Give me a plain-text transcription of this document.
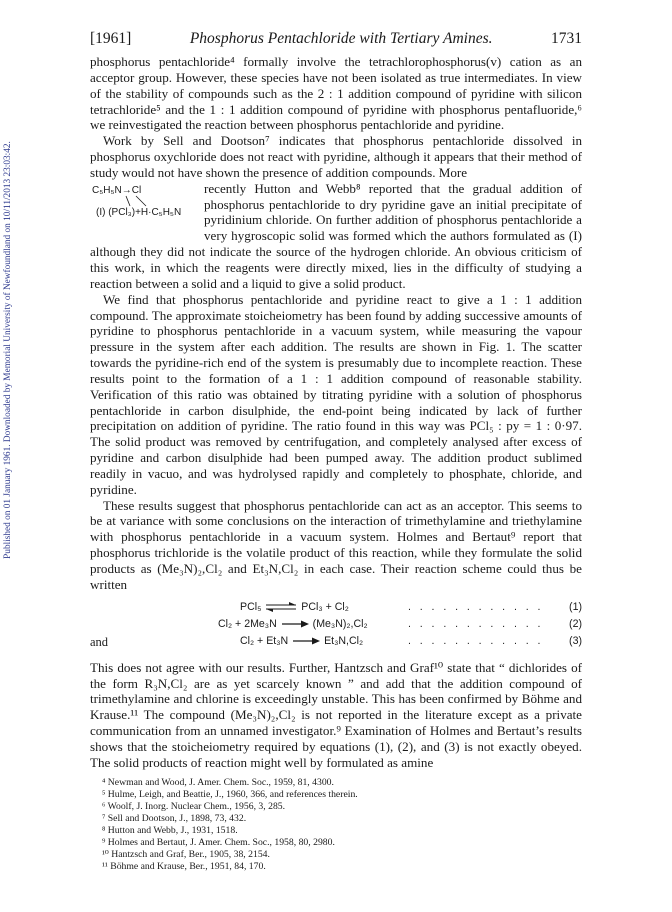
Published on 01 January 1961. Downloaded by Memorial University of Newfoundland on 10/11/2013 23:03:42.
[1961]	Phosphorus Pentachloride with Tertiary Amines.	1731

phosphorus pentachloride⁴ formally involve the tetrachlorophosphorus(v) cation as an acceptor group. However, these species have not been isolated as true intermediates. In view of the stability of compounds such as the 2 : 1 addition compound of pyridine with silicon tetrachloride⁵ and the 1 : 1 addition compound of pyridine with phosphorus pentafluoride,⁶ we reinvestigated the reaction between phosphorus pentachloride and pyridine.

Work by Sell and Dootson⁷ indicates that phosphorus pentachloride dissolved in phosphorus oxychloride does not react with pyridine, although it appears that their method of study would not have shown the presence of addition compounds. More

C₅H₅N→Cl
(I) (PCl₃)+H·C₅H₅N

recently Hutton and Webb⁸ reported that the gradual addition of phosphorus pentachloride to dry pyridine gave an initial precipitate of pyridinium chloride. On further addition of phosphorus pentachloride a very hygroscopic solid was formed which the authors formulated as (I) although they did not indicate the source of the hydrogen chloride. An obvious criticism of this work, in which the reagents were directly mixed, lies in the difficulty of studying a reaction between a solid and a liquid to give a solid product.

We find that phosphorus pentachloride and pyridine react to give a 1 : 1 addition compound. The approximate stoicheiometry has been found by adding successive amounts of pyridine to phosphorus pentachloride in a vacuum system, while measuring the vapour pressure in the system after each addition. The results are shown in Fig. 1. The scatter towards the pyridine-rich end of the system is presumably due to incomplete reaction. These results point to the formation of a 1 : 1 addition compound of reasonable stability. Verification of this ratio was obtained by titrating pyridine with a solution of phosphorus pentachloride in carbon disulphide, the end-point being indicated by lack of further precipitation on addition of pyridine. The ratio found in this way was PCl₅ : py = 1 : 0·97. The solid product was removed by centrifugation, and completely analysed after excess of pyridine and carbon disulphide had been pumped away. The addition product sublimed readily in vacuo, and was hydrolysed rapidly and completely to phosphate, chloride, and pyridine.

These results suggest that phosphorus pentachloride can act as an acceptor. This seems to be at variance with some conclusions on the interaction of trimethylamine and triethylamine with phosphorus pentachloride in a vacuum system. Holmes and Bertaut⁹ report that phosphorus trichloride is the volatile product of this reaction, while they formulate the solid products as (Me₃N)₂,Cl₂ and Et₃N,Cl₂ in each case. Their reaction scheme could thus be written

PCl₅ ⇌ PCl₃ + Cl₂	.   .   .   .   .   .   .   .   .   .   .   .	(1)
Cl₂ + 2Me₃N → (Me₃N)₂,Cl₂	.   .   .   .   .   .   .   .   .   .   .   .	(2)
and	Cl₂ + Et₃N → Et₃N,Cl₂	.   .   .   .   .   .   .   .   .   .   .   .	(3)

This does not agree with our results. Further, Hantzsch and Graf¹⁰ state that “ dichlorides of the form R₃N,Cl₂ are as yet scarcely known ” and add that the addition compound of trimethylamine and chlorine is exceedingly unstable. This has been confirmed by Böhme and Krause.¹¹ The compound (Me₃N)₂,Cl₂ is not reported in the literature except as a private communication from an unnamed investigator.⁹ Examination of Holmes and Bertaut’s results shows that the stoicheiometry required by equations (1), (2), and (3) is not exactly obeyed. The solid products of reaction might well by formulated as amine

⁴ Newman and Wood, J. Amer. Chem. Soc., 1959, 81, 4300.
⁵ Hulme, Leigh, and Beattie, J., 1960, 366, and references therein.
⁶ Woolf, J. Inorg. Nuclear Chem., 1956, 3, 285.
⁷ Sell and Dootson, J., 1898, 73, 432.
⁸ Hutton and Webb, J., 1931, 1518.
⁹ Holmes and Bertaut, J. Amer. Chem. Soc., 1958, 80, 2980.
¹⁰ Hantzsch and Graf, Ber., 1905, 38, 2154.
¹¹ Böhme and Krause, Ber., 1951, 84, 170.
